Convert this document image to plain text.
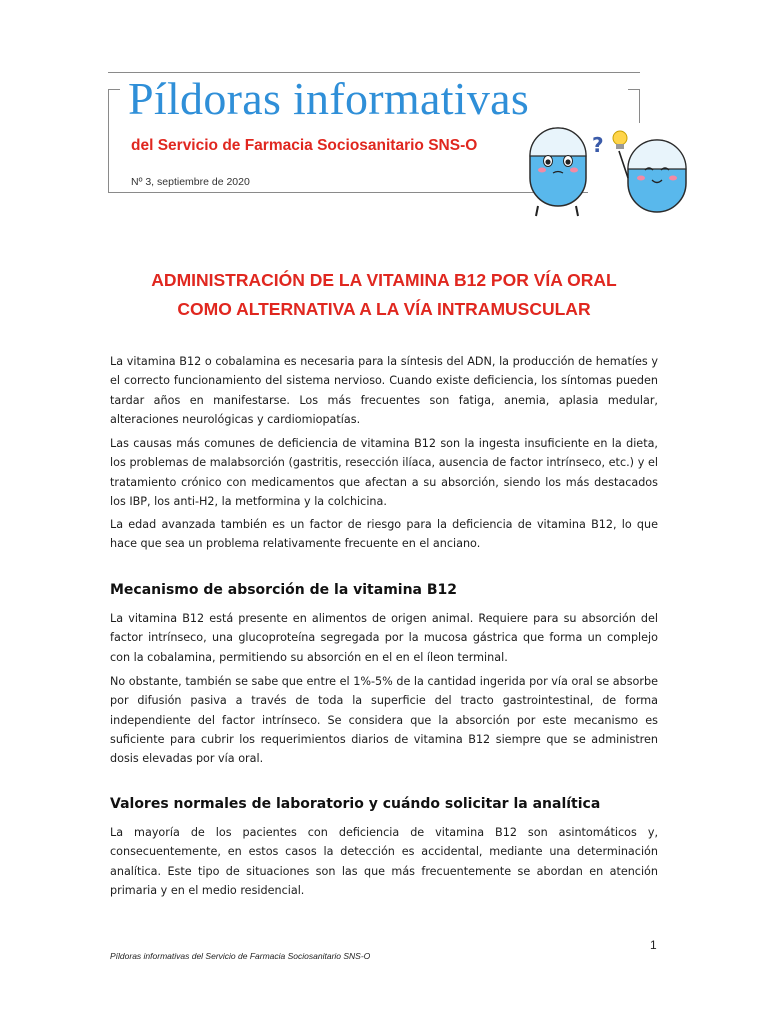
Píldoras informativas
del Servicio de Farmacia Sociosanitario SNS-O
Nº 3, septiembre de 2020
?
ADMINISTRACIÓN DE LA VITAMINA B12 POR VÍA ORAL
COMO ALTERNATIVA A LA VÍA INTRAMUSCULAR

La vitamina B12 o cobalamina es necesaria para la síntesis del ADN, la producción de hematíes y el correcto funcionamiento del sistema nervioso. Cuando existe deficiencia, los síntomas pueden tardar años en manifestarse. Los más frecuentes son fatiga, anemia, aplasia medular, alteraciones neurológicas y cardiomiopatías.

Las causas más comunes de deficiencia de vitamina B12 son la ingesta insuficiente en la dieta, los problemas de malabsorción (gastritis, resección ilíaca, ausencia de factor intrínseco, etc.) y el tratamiento crónico con medicamentos que afectan a su absorción, siendo los más destacados los IBP, los anti-H2, la metformina y la colchicina.

La edad avanzada también es un factor de riesgo para la deficiencia de vitamina B12, lo que hace que sea un problema relativamente frecuente en el anciano.

Mecanismo de absorción de la vitamina B12

La vitamina B12 está presente en alimentos de origen animal. Requiere para su absorción del factor intrínseco, una glucoproteína segregada por la mucosa gástrica que forma un complejo con la cobalamina, permitiendo su absorción en el en el íleon terminal.

No obstante, también se sabe que entre el 1%-5% de la cantidad ingerida por vía oral se absorbe por difusión pasiva a través de toda la superficie del tracto gastrointestinal, de forma independiente del factor intrínseco. Se considera que la absorción por este mecanismo es suficiente para cubrir los requerimientos diarios de vitamina B12 siempre que se administren dosis elevadas por vía oral.

Valores normales de laboratorio y cuándo solicitar la analítica

La mayoría de los pacientes con deficiencia de vitamina B12 son asintomáticos y, consecuentemente, en estos casos la detección es accidental, mediante una determinación analítica. Este tipo de situaciones son las que más frecuentemente se abordan en atención primaria y en el medio residencial.

1
Píldoras informativas del Servicio de Farmacia Sociosanitario SNS-O
